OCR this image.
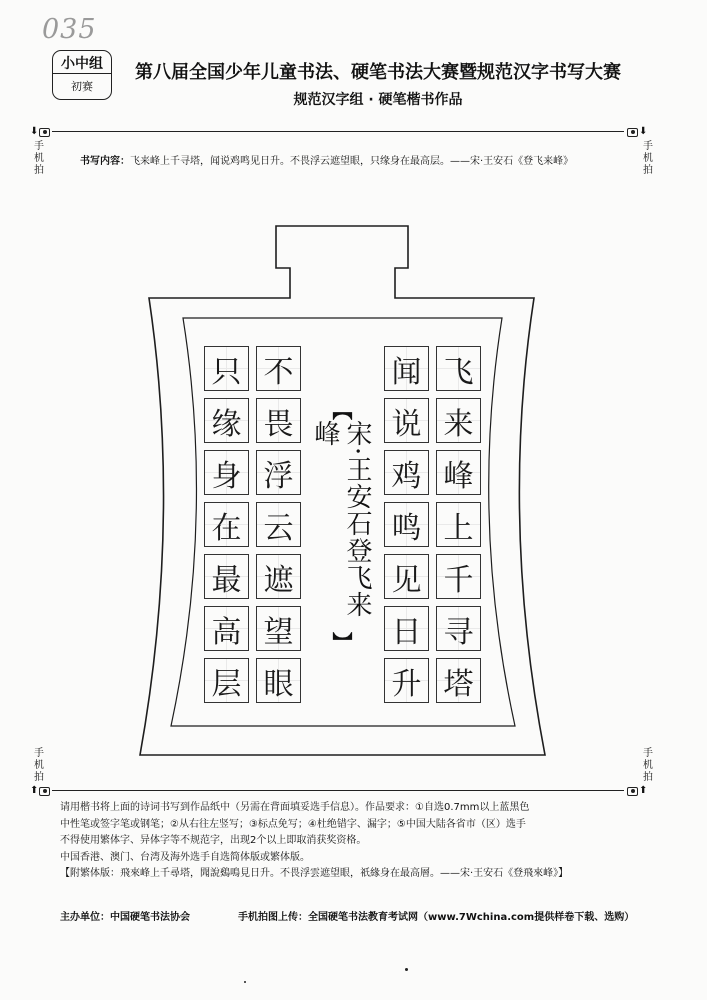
035
小中组
初赛
第八届全国少年儿童书法、硬笔书法大赛暨规范汉字书写大赛
规范汉字组 · 硬笔楷书作品
⬇	⬇
手机拍
手机拍
书写内容：飞来峰上千寻塔，闻说鸡鸣见日升。不畏浮云遮望眼，只缘身在最高层。——宋·王安石《登飞来峰》
闻 飞
说 来
鸡 峰
鸣 上
见 千
日 寻
升 塔
【
宋·王安石登飞来峰
】
只 不
缘 畏
身 浮
在 云
最 遮
高 望
层 眼
手机拍
手机拍
⬆	⬆
请用楷书将上面的诗词书写到作品纸中（另需在背面填妥选手信息）。作品要求：①自选0.7mm以上蓝黑色
中性笔或签字笔或钢笔；②从右往左竖写；③标点免写；④杜绝错字、漏字；⑤中国大陆各省市（区）选手
不得使用繁体字、异体字等不规范字，出现2个以上即取消获奖资格。
中国香港、澳门、台湾及海外选手自选简体版或繁体版。
【附繁体版：飛來峰上千尋塔，聞說鷄鳴見日升。不畏浮雲遮望眼，祇緣身在最高層。——宋·王安石《登飛來峰》】
主办单位：中国硬笔书法协会	手机拍图上传：全国硬笔书法教育考试网（www.7Wchina.com提供样卷下载、选购）
